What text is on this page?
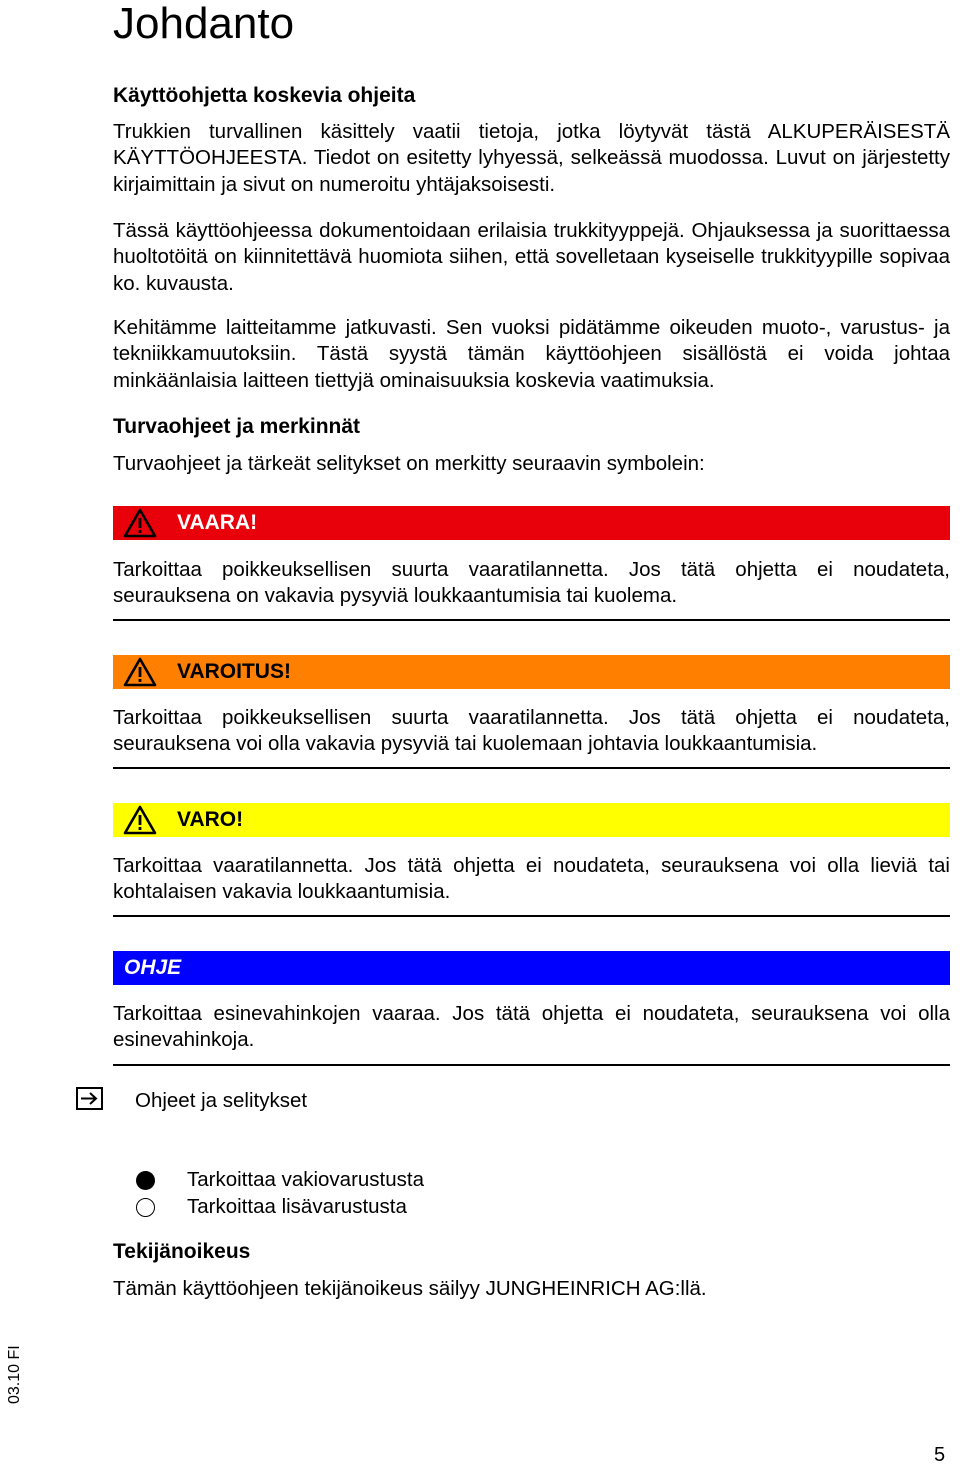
Johdanto
Käyttöohjetta koskevia ohjeita

Trukkien turvallinen käsittely vaatii tietoja, jotka löytyvät tästä ALKUPERÄISESTÄ KÄYTTÖOHJEESTA. Tiedot on esitetty lyhyessä, selkeässä muodossa. Luvut on järjestetty kirjaimittain ja sivut on numeroitu yhtäjaksoisesti.

Tässä käyttöohjeessa dokumentoidaan erilaisia trukkityyppejä. Ohjauksessa ja suorittaessa huoltotöitä on kiinnitettävä huomiota siihen, että sovelletaan kyseiselle trukkityypille sopivaa ko. kuvausta.

Kehitämme laitteitamme jatkuvasti. Sen vuoksi pidätämme oikeuden muoto-, varustus- ja tekniikkamuutoksiin. Tästä syystä tämän käyttöohjeen sisällöstä ei voida johtaa minkäänlaisia laitteen tiettyjä ominaisuuksia koskevia vaatimuksia.

Turvaohjeet ja merkinnät

Turvaohjeet ja tärkeät selitykset on merkitty seuraavin symbolein:

VAARA!

Tarkoittaa poikkeuksellisen suurta vaaratilannetta. Jos tätä ohjetta ei noudateta, seurauksena on vakavia pysyviä loukkaantumisia tai kuolema.

VAROITUS!

Tarkoittaa poikkeuksellisen suurta vaaratilannetta. Jos tätä ohjetta ei noudateta, seurauksena voi olla vakavia pysyviä tai kuolemaan johtavia loukkaantumisia.

VARO!

Tarkoittaa vaaratilannetta. Jos tätä ohjetta ei noudateta, seurauksena voi olla lieviä tai kohtalaisen vakavia loukkaantumisia.

OHJE

Tarkoittaa esinevahinkojen vaaraa. Jos tätä ohjetta ei noudateta, seurauksena voi olla esinevahinkoja.

Tekijänoikeus

Tämän käyttöohjeen tekijänoikeus säilyy JUNGHEINRICH AG:llä.

Ohjeet ja selitykset
Tarkoittaa vakiovarustusta
Tarkoittaa lisävarustusta
03.10 FI
5
